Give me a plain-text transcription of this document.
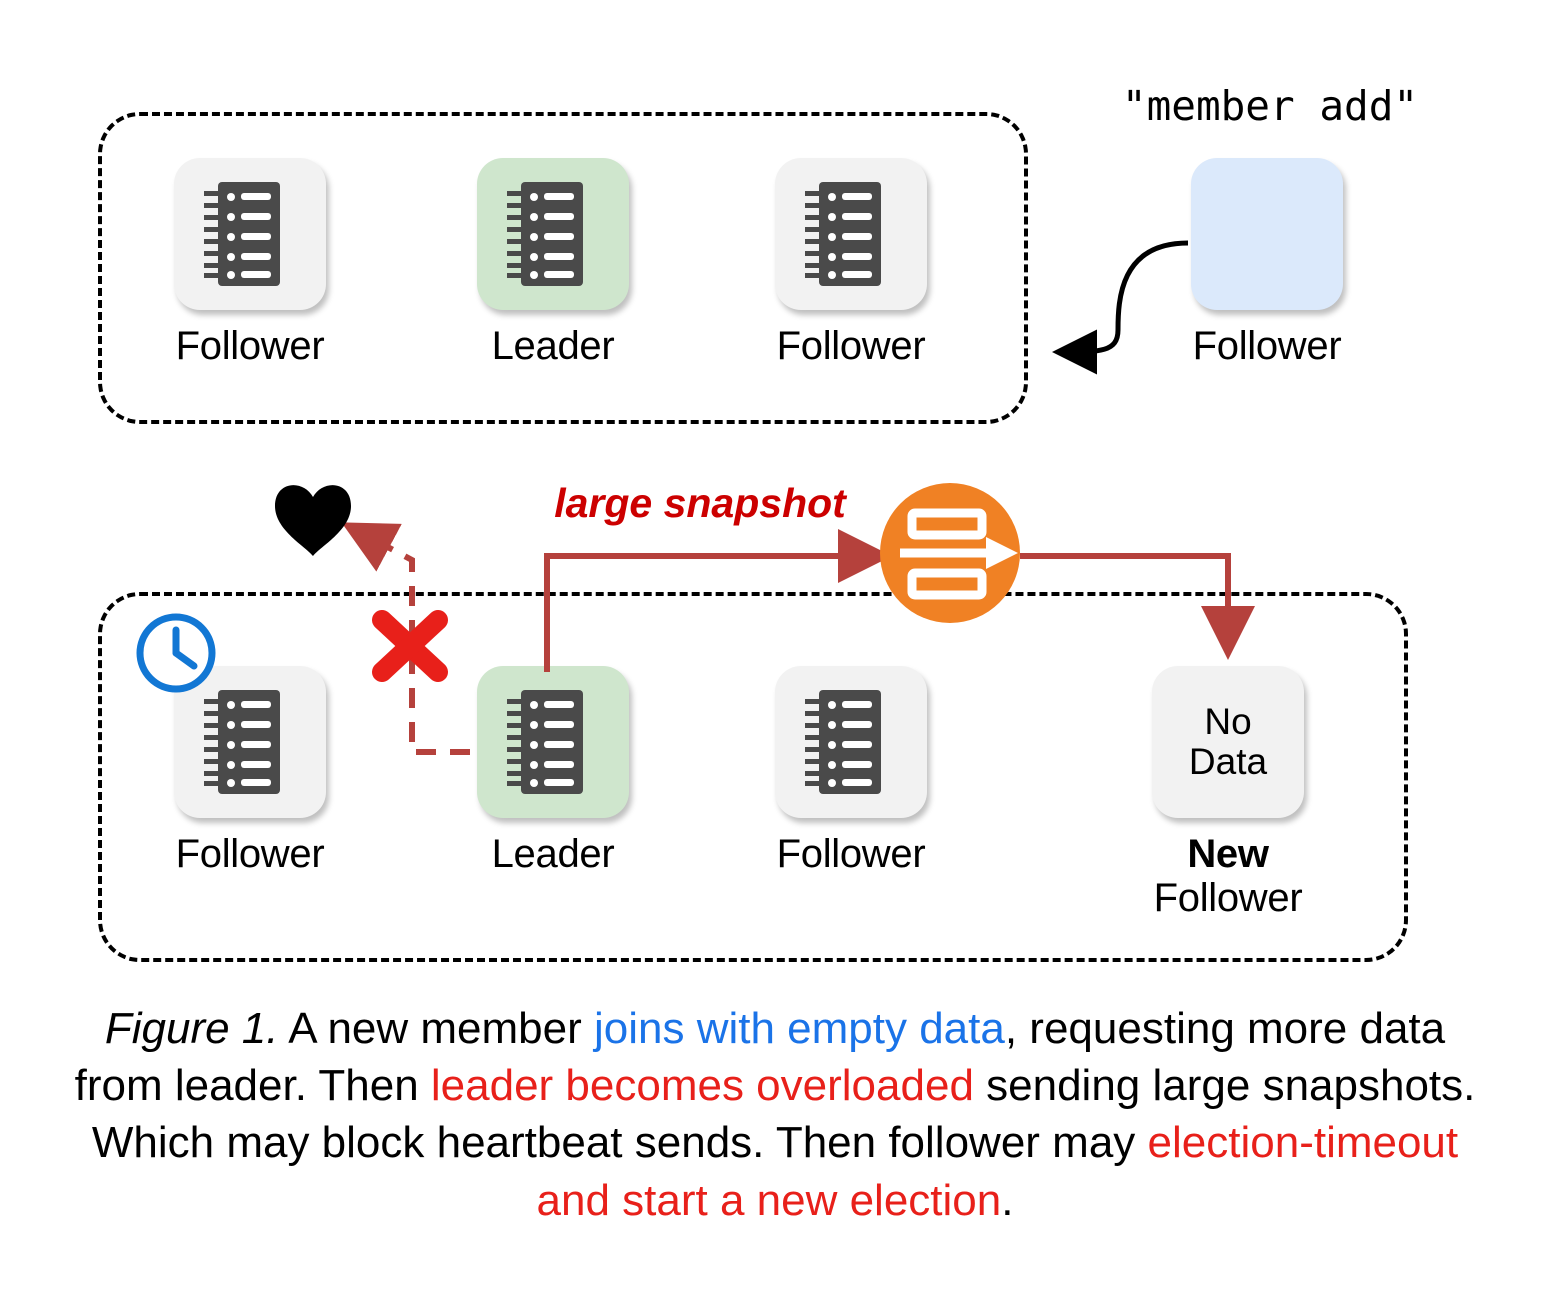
Follower	Leader	Follower	Follower
"member add"
Follower	Leader	Follower
No
Data
New Follower
large snapshot
Figure 1. A new member joins with empty data, requesting more data from leader. Then leader becomes overloaded sending large snapshots. Which may block heartbeat sends. Then follower may election-timeout and start a new election.
